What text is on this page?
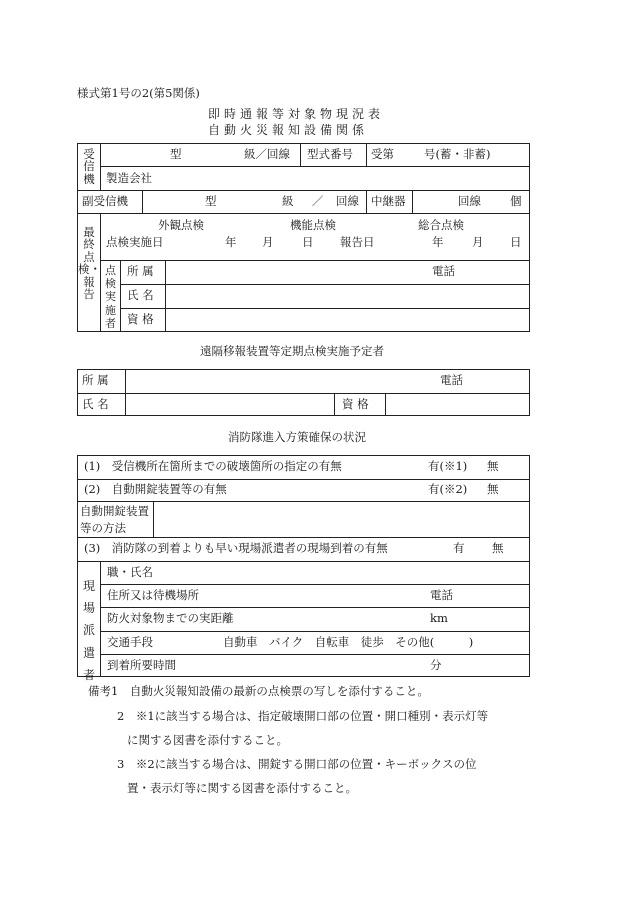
様式第1号の2(第5関係)
即時通報等対象物現況表
自動火災報知設備関係
受信機
型	級／回線 型式番号 受第	号(蓄・非蓄)
製造会社
副受信機	型	級 ／ 回線 中継器	回線	個
最終点検・報告
外観点検	機能点検	総合点検
点検実施日	年 月 日 報告日	年 月 日
点検実施者
所 属	電話
氏 名
資 格
遠隔移報装置等定期点検実施予定者
所 属	電話
氏 名	資 格
消防隊進入方策確保の状況
(1)　受信機所在箇所までの破壊箇所の指定の有無	有(※1) 無
(2)　自動開錠装置等の有無	有(※2) 無
自動開錠装置等の方法
(3)　消防隊の到着よりも早い現場派遣者の現場到着の有無	有 無
現場派遣者
職・氏名
住所又は待機場所	電話
防火対象物までの実距離	km
交通手段	自動車　バイク　自転車　徒歩　その他(　　　)
到着所要時間	分
備考1　自動火災報知設備の最新の点検票の写しを添付すること。
2　※1に該当する場合は、指定破壊開口部の位置・開口種別・表示灯等
に関する図書を添付すること。
3　※2に該当する場合は、開錠する開口部の位置・キーボックスの位
置・表示灯等に関する図書を添付すること。
